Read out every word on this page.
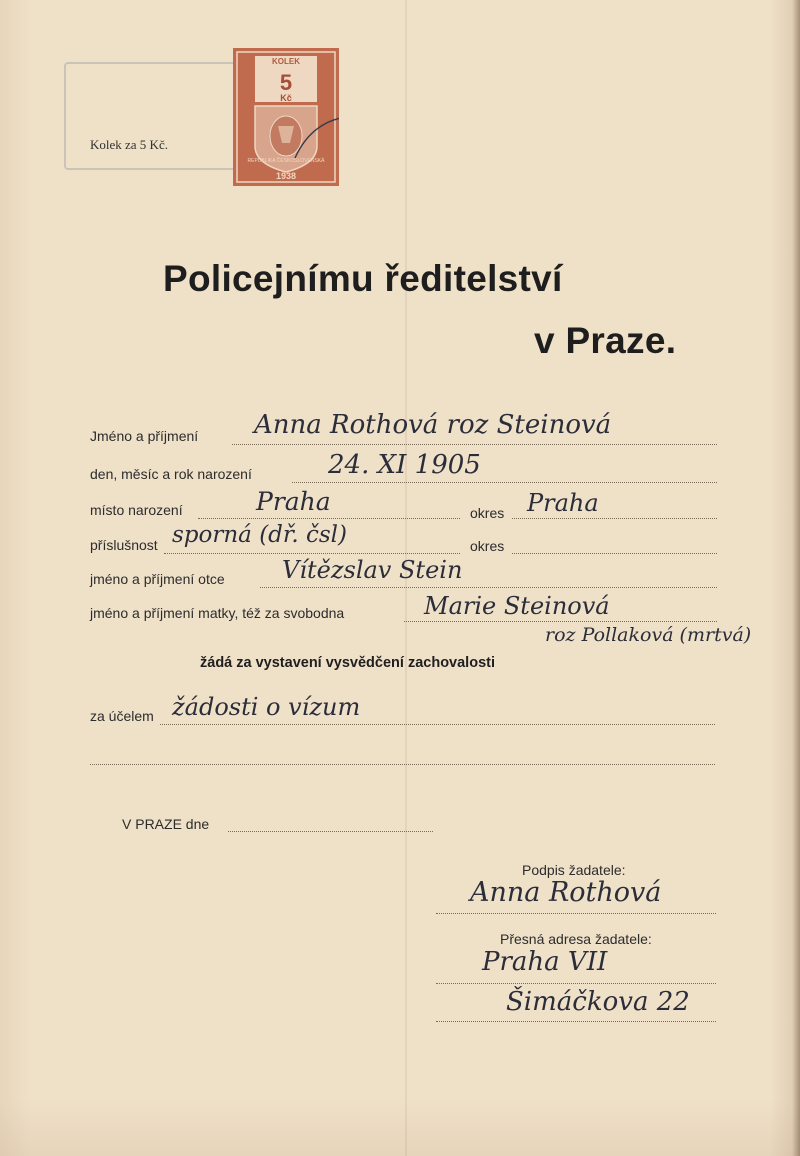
Kolek za 5 Kč.
KOLEK
5
Kč
REPUBLIKA ČESKOSLOVENSKÁ
1938
Policejnímu ředitelství
v Praze.
Jméno a příjmení Anna Rothová roz Steinová
den, měsíc a rok narození	24. XI 1905
místo narození	Praha	okres Praha
příslušnost sporná (dř. čsl)	okres
jméno a příjmení otce Vítězslav Stein
jméno a příjmení matky, též za svobodna	Marie Steinová
roz Pollaková (mrtvá)
žádá za vystavení vysvědčení zachovalosti
za účelem žádosti o vízum
V PRAZE dne
Podpis žadatele:
Anna Rothová
Přesná adresa žadatele:
Praha VII
Šimáčkova 22
